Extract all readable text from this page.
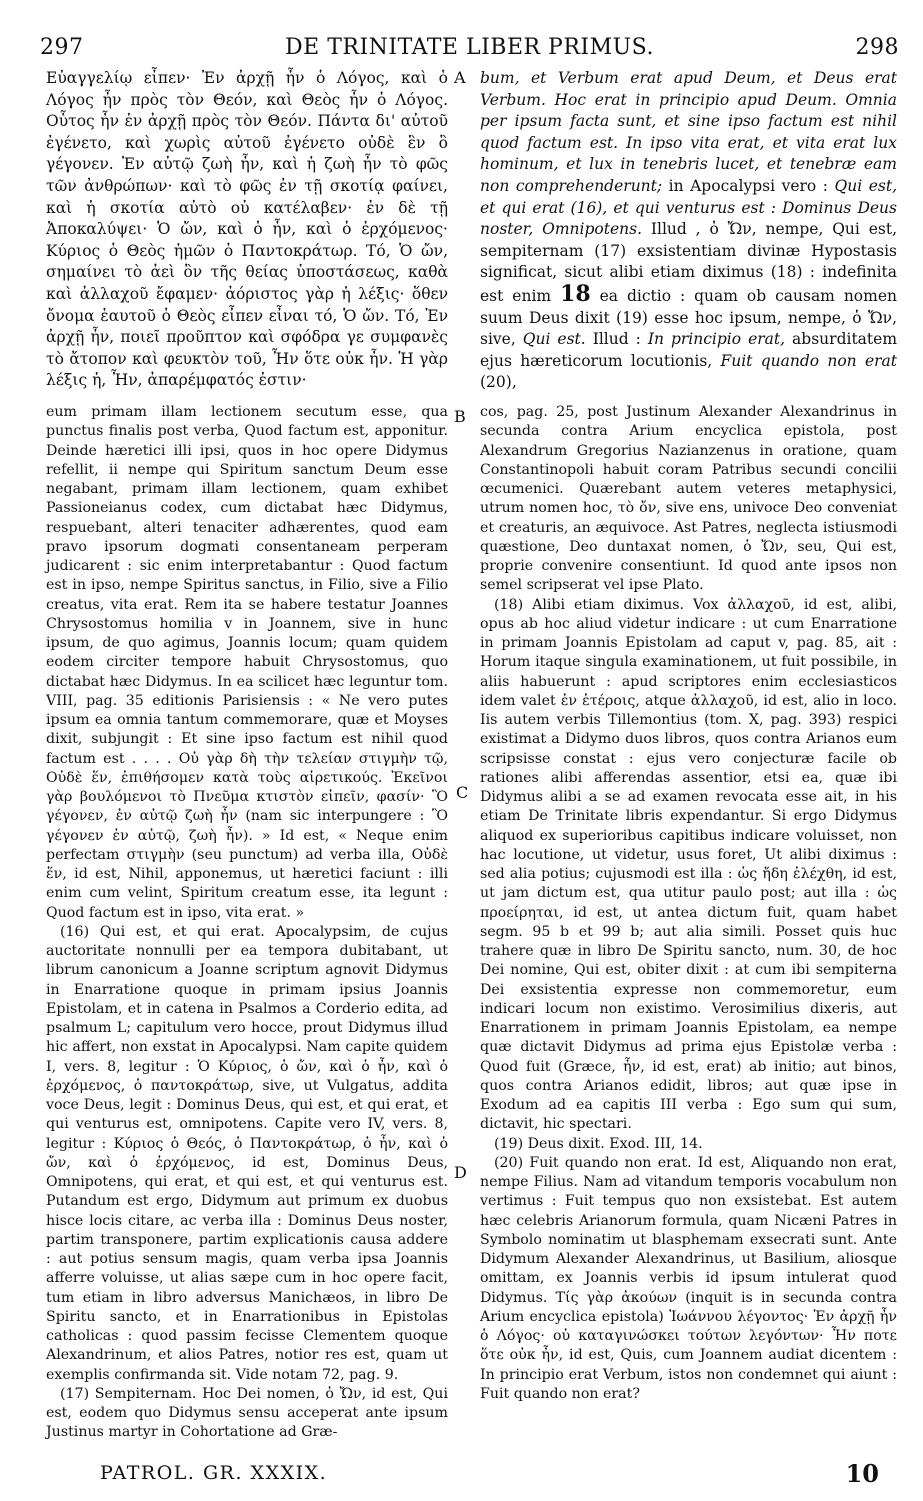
297	DE TRINITATE LIBER PRIMUS.	298
Εὐαγγελίῳ εἶπεν· Ἐν ἀρχῇ ἦν ὁ Λόγος, καὶ ὁ Λόγος ἦν πρὸς τὸν Θεόν, καὶ Θεὸς ἦν ὁ Λόγος. Οὗτος ἦν ἐν ἀρχῇ πρὸς τὸν Θεόν. Πάντα δι' αὐτοῦ ἐγένετο, καὶ χωρὶς αὐτοῦ ἐγένετο οὐδὲ ἓν ὃ γέγονεν. Ἐν αὐτῷ ζωὴ ἦν, καὶ ἡ ζωὴ ἦν τὸ φῶς τῶν ἀνθρώπων· καὶ τὸ φῶς ἐν τῇ σκοτίᾳ φαίνει, καὶ ἡ σκοτία αὐτὸ οὐ κατέλαβεν· ἐν δὲ τῇ Ἀποκαλύψει· Ὁ ὤν, καὶ ὁ ἦν, καὶ ὁ ἐρχόμενος· Κύριος ὁ Θεὸς ἡμῶν ὁ Παντοκράτωρ. Τό, Ὁ ὤν, σημαίνει τὸ ἀεὶ ὂν τῆς θείας ὑποστάσεως, καθὰ καὶ ἀλλαχοῦ ἔφαμεν· ἀόριστος γὰρ ἡ λέξις· ὅθεν ὄνομα ἑαυτοῦ ὁ Θεὸς εἶπεν εἶναι τό, Ὁ ὤν. Τό, Ἐν ἀρχῇ ἦν, ποιεῖ προῦπτον καὶ σφόδρα γε συμφανὲς τὸ ἄτοπον καὶ φευκτὸν τοῦ, Ἦν ὅτε οὐκ ἦν. Ἡ γὰρ λέξις ἡ, Ἦν, ἀπαρέμφατός ἐστιν·
A bum, et Verbum erat apud Deum, et Deus erat Verbum. Hoc erat in principio apud Deum. Omnia per ipsum facta sunt, et sine ipso factum est nihil quod factum est. In ipso vita erat, et vita erat lux hominum, et lux in tenebris lucet, et tenebræ eam non comprehenderunt; in Apocalypsi vero : Qui est, et qui erat (16), et qui venturus est : Dominus Deus noster, Omnipotens. Illud , ὁ Ὤν, nempe, Qui est, sempiternam (17) exsistentiam divinæ Hypostasis significat, sicut alibi etiam diximus (18) : indefinita est enim 18 ea dictio : quam ob causam nomen suum Deus dixit (19) esse hoc ipsum, nempe, ὁ Ὤν, sive, Qui est. Illud : In principio erat, absurditatem ejus hæreticorum locutionis, Fuit quando non erat (20),

eum primam illam lectionem secutum esse, qua punctus finalis post verba, Quod factum est, apponitur. Deinde hæretici illi ipsi, quos in hoc opere Didymus refellit, ii nempe qui Spiritum sanctum Deum esse negabant, primam illam lectionem, quam exhibet Passioneianus codex, cum dictabat hæc Didymus, respuebant, alteri tenaciter adhærentes, quod eam pravo ipsorum dogmati consentaneam perperam judicarent : sic enim interpretabantur : Quod factum est in ipso, nempe Spiritus sanctus, in Filio, sive a Filio creatus, vita erat. Rem ita se habere testatur Joannes Chrysostomus homilia v in Joannem, sive in hunc ipsum, de quo agimus, Joannis locum; quam quidem eodem circiter tempore habuit Chrysostomus, quo dictabat hæc Didymus. In ea scilicet hæc leguntur tom. VIII, pag. 35 editionis Parisiensis : « Ne vero putes ipsum ea omnia tantum commemorare, quæ et Moyses dixit, subjungit : Et sine ipso factum est nihil quod factum est . . . . Οὐ γὰρ δὴ τὴν τελείαν στιγμὴν τῷ, Οὐδὲ ἕν, ἐπιθήσομεν κατὰ τοὺς αἱρετικούς. Ἐκεῖνοι γὰρ βουλόμενοι τὸ Πνεῦμα κτιστὸν εἰπεῖν, φασίν· Ὃ γέγονεν, ἐν αὐτῷ ζωὴ ἦν (nam sic interpungere : Ὃ γέγονεν ἐν αὐτῷ, ζωὴ ἦν). » Id est, « Neque enim perfectam στιγμὴν (seu punctum) ad verba illa, Οὐδὲ ἕν, id est, Nihil, apponemus, ut hæretici faciunt : illi enim cum velint, Spiritum creatum esse, ita legunt : Quod factum est in ipso, vita erat. »

(16) Qui est, et qui erat. Apocalypsim, de cujus auctoritate nonnulli per ea tempora dubitabant, ut librum canonicum a Joanne scriptum agnovit Didymus in Enarratione quoque in primam ipsius Joannis Epistolam, et in catena in Psalmos a Corderio edita, ad psalmum L; capitulum vero hocce, prout Didymus illud hic affert, non exstat in Apocalypsi. Nam capite quidem I, vers. 8, legitur : Ὁ Κύριος, ὁ ὤν, καὶ ὁ ἦν, καὶ ὁ ἐρχόμενος, ὁ παντοκράτωρ, sive, ut Vulgatus, addita voce Deus, legit : Dominus Deus, qui est, et qui erat, et qui venturus est, omnipotens. Capite vero IV, vers. 8, legitur : Κύριος ὁ Θεός, ὁ Παντοκράτωρ, ὁ ἦν, καὶ ὁ ὤν, καὶ ὁ ἐρχόμενος, id est, Dominus Deus, Omnipotens, qui erat, et qui est, et qui venturus est. Putandum est ergo, Didymum aut primum ex duobus hisce locis citare, ac verba illa : Dominus Deus noster, partim transponere, partim explicationis causa addere : aut potius sensum magis, quam verba ipsa Joannis afferre voluisse, ut alias sæpe cum in hoc opere facit, tum etiam in libro adversus Manichæos, in libro De Spiritu sancto, et in Enarrationibus in Epistolas catholicas : quod passim fecisse Clementem quoque Alexandrinum, et alios Patres, notior res est, quam ut exemplis confirmanda sit. Vide notam 72, pag. 9.

(17) Sempiternam. Hoc Dei nomen, ὁ Ὤν, id est, Qui est, eodem quo Didymus sensu acceperat ante ipsum Justinus martyr in Cohortatione ad Græ-

B
C
D

cos, pag. 25, post Justinum Alexander Alexandrinus in secunda contra Arium encyclica epistola, post Alexandrum Gregorius Nazianzenus in oratione, quam Constantinopoli habuit coram Patribus secundi concilii œcumenici. Quærebant autem veteres metaphysici, utrum nomen hoc, τὸ ὄν, sive ens, univoce Deo conveniat et creaturis, an æquivoce. Ast Patres, neglecta istiusmodi quæstione, Deo duntaxat nomen, ὁ Ὤν, seu, Qui est, proprie convenire consentiunt. Id quod ante ipsos non semel scripserat vel ipse Plato.

(18) Alibi etiam diximus. Vox ἀλλαχοῦ, id est, alibi, opus ab hoc aliud videtur indicare : ut cum Enarratione in primam Joannis Epistolam ad caput v, pag. 85, ait : Horum itaque singula examinationem, ut fuit possibile, in aliis habuerunt : apud scriptores enim ecclesiasticos idem valet ἐν ἑτέροις, atque ἀλλαχοῦ, id est, alio in loco. Iis autem verbis Tillemontius (tom. X, pag. 393) respici existimat a Didymo duos libros, quos contra Arianos eum scripsisse constat : ejus vero conjecturæ facile ob rationes alibi afferendas assentior, etsi ea, quæ ibi Didymus alibi a se ad examen revocata esse ait, in his etiam De Trinitate libris expendantur. Si ergo Didymus aliquod ex superioribus capitibus indicare voluisset, non hac locutione, ut videtur, usus foret, Ut alibi diximus : sed alia potius; cujusmodi est illa : ὡς ἤδη ἐλέχθη, id est, ut jam dictum est, qua utitur paulo post; aut illa : ὡς προείρηται, id est, ut antea dictum fuit, quam habet segm. 95 b et 99 b; aut alia simili. Posset quis huc trahere quæ in libro De Spiritu sancto, num. 30, de hoc Dei nomine, Qui est, obiter dixit : at cum ibi sempiterna Dei exsistentia expresse non commemoretur, eum indicari locum non existimo. Verosimilius dixeris, aut Enarrationem in primam Joannis Epistolam, ea nempe quæ dictavit Didymus ad prima ejus Epistolæ verba : Quod fuit (Græce, ἦν, id est, erat) ab initio; aut binos, quos contra Arianos edidit, libros; aut quæ ipse in Exodum ad ea capitis III verba : Ego sum qui sum, dictavit, hic spectari.

(19) Deus dixit. Exod. III, 14.

(20) Fuit quando non erat. Id est, Aliquando non erat, nempe Filius. Nam ad vitandum temporis vocabulum non vertimus : Fuit tempus quo non exsistebat. Est autem hæc celebris Arianorum formula, quam Nicæni Patres in Symbolo nominatim ut blasphemam exsecrati sunt. Ante Didymum Alexander Alexandrinus, ut Basilium, aliosque omittam, ex Joannis verbis id ipsum intulerat quod Didymus. Τίς γὰρ ἀκούων (inquit is in secunda contra Arium encyclica epistola) Ἰωάννου λέγοντος· Ἐν ἀρχῇ ἦν ὁ Λόγος· οὐ καταγινώσκει τούτων λεγόντων· Ἦν ποτε ὅτε οὐκ ἦν, id est, Quis, cum Joannem audiat dicentem : In principio erat Verbum, istos non condemnet qui aiunt : Fuit quando non erat?

PATROL. GR. XXXIX.	10
